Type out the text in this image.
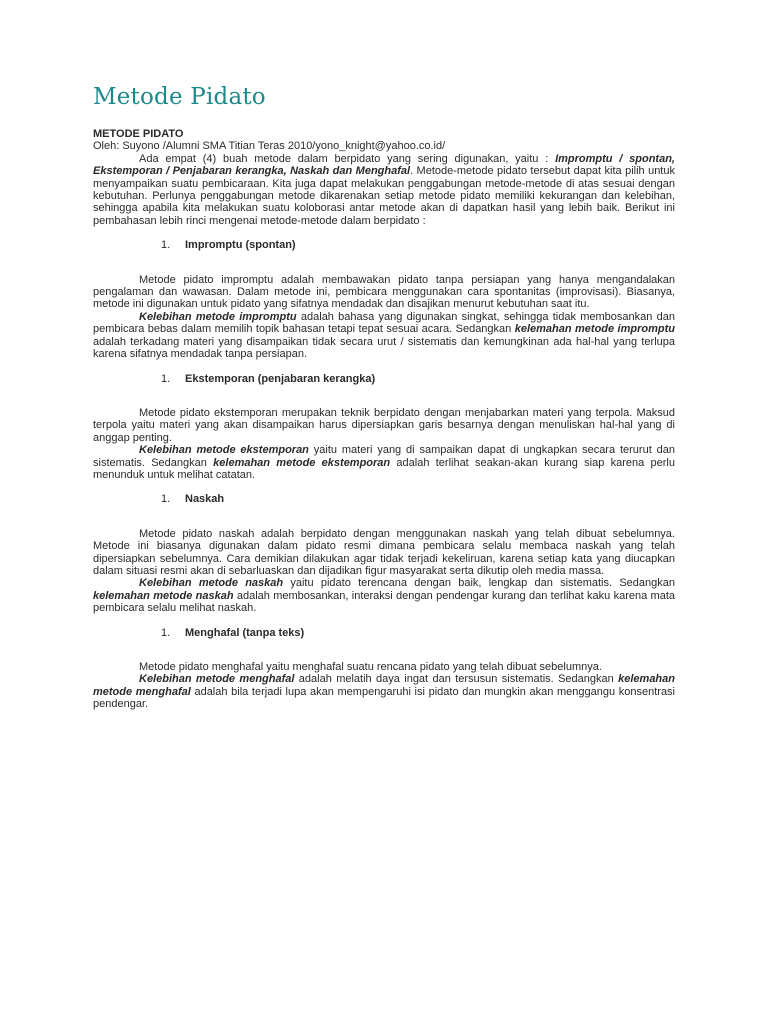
Metode Pidato

METODE PIDATO

Oleh: Suyono /Alumni SMA Titian Teras 2010/yono_knight@yahoo.co.id/

Ada empat (4) buah metode dalam berpidato yang sering digunakan, yaitu : Impromptu / spontan, Ekstemporan / Penjabaran kerangka, Naskah dan Menghafal. Metode-metode pidato tersebut dapat kita pilih untuk menyampaikan suatu pembicaraan. Kita juga dapat melakukan penggabungan metode-metode di atas sesuai dengan kebutuhan. Perlunya penggabungan metode dikarenakan setiap metode pidato memiliki kekurangan dan kelebihan, sehingga apabila kita melakukan suatu koloborasi antar metode akan di dapatkan hasil yang lebih baik. Berikut ini pembahasan lebih rinci mengenai metode-metode dalam berpidato :

1.	Impromptu (spontan)

Metode pidato impromptu adalah membawakan pidato tanpa persiapan yang hanya mengandalakan pengalaman dan wawasan. Dalam metode ini, pembicara menggunakan cara spontanitas (improvisasi). Biasanya, metode ini digunakan untuk pidato yang sifatnya mendadak dan disajikan menurut kebutuhan saat itu.

Kelebihan metode impromptu adalah bahasa yang digunakan singkat, sehingga tidak membosankan dan pembicara bebas dalam memilih topik bahasan tetapi tepat sesuai acara. Sedangkan kelemahan metode impromptu adalah terkadang materi yang disampaikan tidak secara urut / sistematis dan kemungkinan ada hal-hal yang terlupa karena sifatnya mendadak tanpa persiapan.

1.	Ekstemporan (penjabaran kerangka)

Metode pidato ekstemporan merupakan teknik berpidato dengan menjabarkan materi yang terpola. Maksud terpola yaitu materi yang akan disampaikan harus dipersiapkan garis besarnya dengan menuliskan hal-hal yang di anggap penting.

Kelebihan metode ekstemporan yaitu materi yang di sampaikan dapat di ungkapkan secara terurut dan sistematis. Sedangkan kelemahan metode ekstemporan adalah terlihat seakan-akan kurang siap karena perlu menunduk untuk melihat catatan.

1.	Naskah

Metode pidato naskah adalah berpidato dengan menggunakan naskah yang telah dibuat sebelumnya. Metode ini biasanya digunakan dalam pidato resmi dimana pembicara selalu membaca naskah yang telah dipersiapkan sebelumnya. Cara demikian dilakukan agar tidak terjadi kekeliruan, karena setiap kata yang diucapkan dalam situasi resmi akan di sebarluaskan dan dijadikan figur masyarakat serta dikutip oleh media massa.

Kelebihan metode naskah yaitu pidato terencana dengan baik, lengkap dan sistematis. Sedangkan kelemahan metode naskah adalah membosankan, interaksi dengan pendengar kurang dan terlihat kaku karena mata pembicara selalu melihat naskah.

1.	Menghafal (tanpa teks)

Metode pidato menghafal yaitu menghafal suatu rencana pidato yang telah dibuat sebelumnya.

Kelebihan metode menghafal adalah melatih daya ingat dan tersusun sistematis. Sedangkan kelemahan metode menghafal adalah bila terjadi lupa akan mempengaruhi isi pidato dan mungkin akan menggangu konsentrasi pendengar.
